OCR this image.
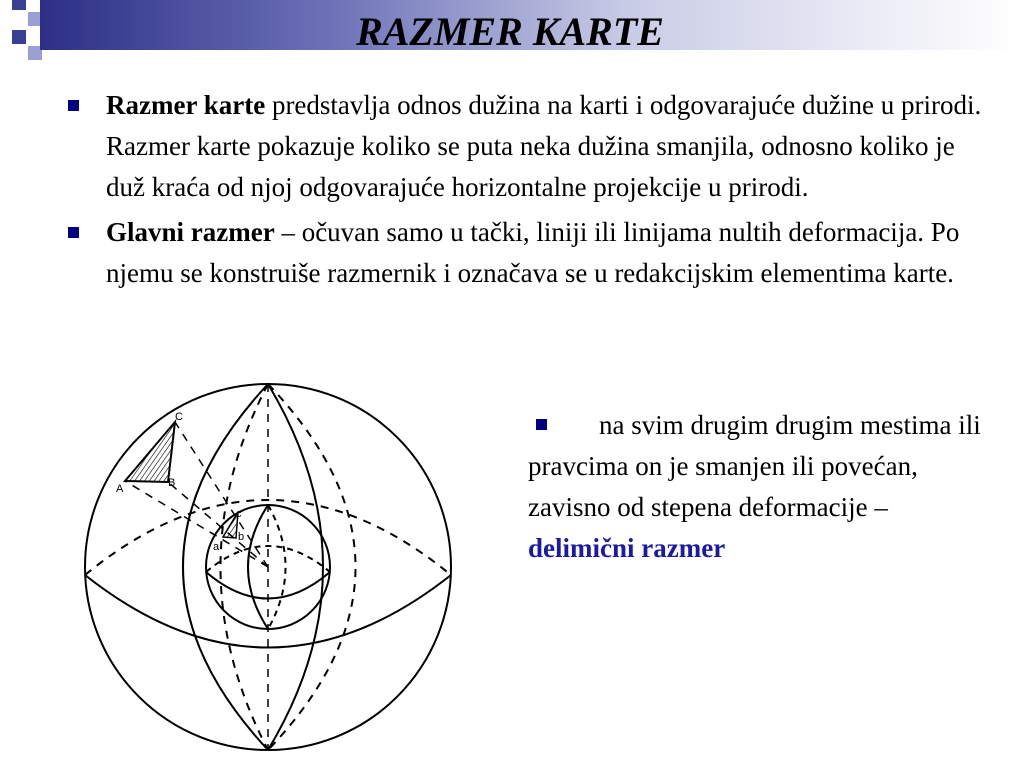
RAZMER KARTE
Razmer karte predstavlja odnos dužina na karti i odgovarajuće dužine u prirodi. Razmer karte pokazuje koliko se puta neka dužina smanjila, odnosno koliko je duž kraća od njoj odgovarajuće horizontalne projekcije u prirodi.
Glavni razmer – očuvan samo u tački, liniji ili linijama nultih deformacija. Po njemu se konstruiše razmernik i označava se u redakcijskim elementima karte.
na svim drugim drugim mestima ili pravcima on je smanjen ili povećan, zavisno od stepena deformacije – delimični razmer
A	B
C
a
b
c
